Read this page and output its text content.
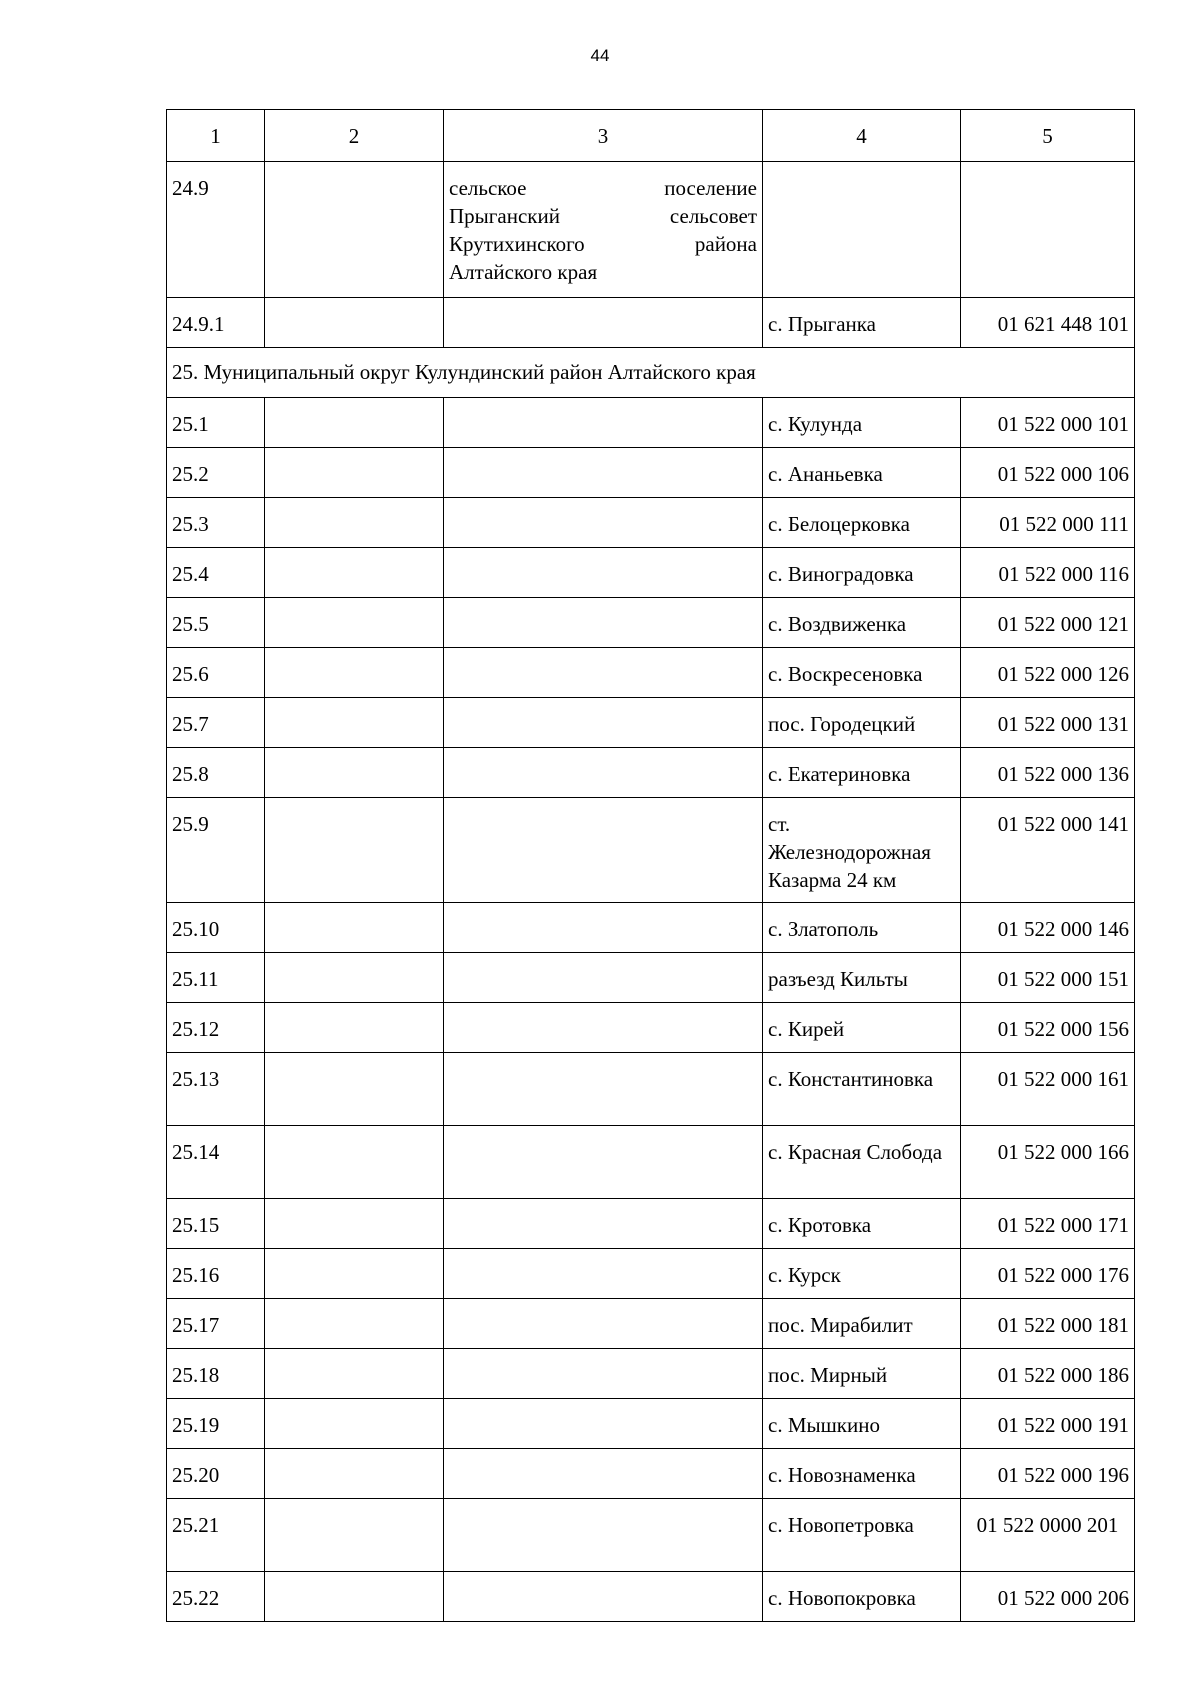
44
1	2	3	4	5
24.9		сельское поселение
Прыганский сельсовет
Крутихинского района
Алтайского края		

24.9.1			с. Прыганка	01 621 448 101
25. Муниципальный округ Кулундинский район Алтайского края				
25.1			с. Кулунда	01 522 000 101
25.2			с. Ананьевка	01 522 000 106
25.3			с. Белоцерковка	01 522 000 111
25.4			с. Виноградовка	01 522 000 116
25.5			с. Воздвиженка	01 522 000 121
25.6			с. Воскресеновка	01 522 000 126
25.7			пос. Городецкий	01 522 000 131
25.8			с. Екатериновка	01 522 000 136
25.9			ст. Железнодорожная Казарма 24 км	01 522 000 141
25.10			с. Златополь	01 522 000 146
25.11			разъезд Кильты	01 522 000 151
25.12			с. Кирей	01 522 000 156
25.13			с. Константиновка	01 522 000 161
25.14			с. Красная Слобода	01 522 000 166
25.15			с. Кротовка	01 522 000 171
25.16			с. Курск	01 522 000 176
25.17			пос. Мирабилит	01 522 000 181
25.18			пос. Мирный	01 522 000 186
25.19			с. Мышкино	01 522 000 191
25.20			с. Новознаменка	01 522 000 196
25.21			с. Новопетровка	01 522 0000 201
25.22			с. Новопокровка	01 522 000 206
